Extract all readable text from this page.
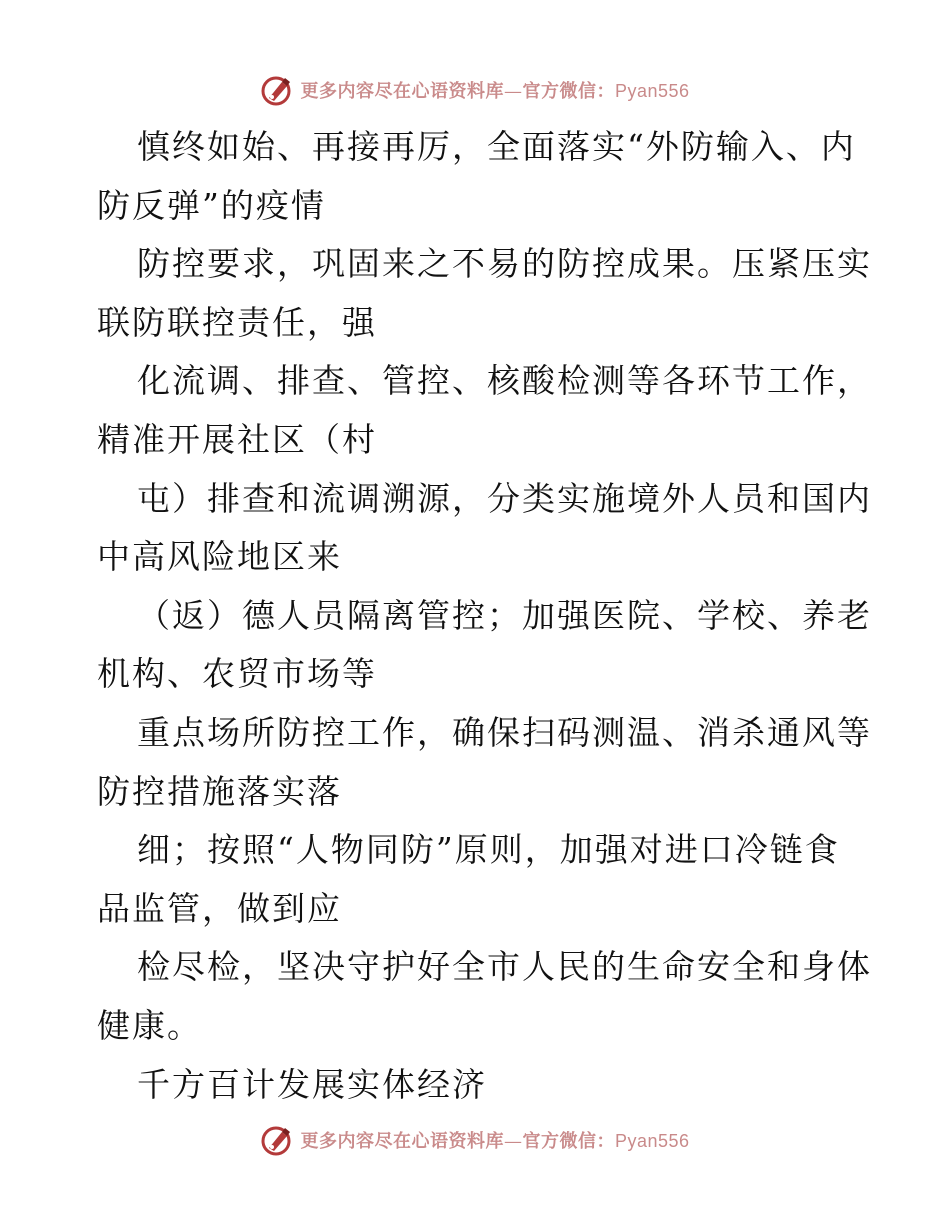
更多内容尽在心语资料库—官方微信：Pyan556
慎终如始、再接再厉，全面落实“外防输入、内
防反弹”的疫情
防控要求，巩固来之不易的防控成果。压紧压实
联防联控责任，强
化流调、排查、管控、核酸检测等各环节工作，
精准开展社区（村
屯）排查和流调溯源，分类实施境外人员和国内
中高风险地区来
（返）德人员隔离管控；加强医院、学校、养老
机构、农贸市场等
重点场所防控工作，确保扫码测温、消杀通风等
防控措施落实落
细；按照“人物同防”原则，加强对进口冷链食
品监管，做到应
检尽检，坚决守护好全市人民的生命安全和身体
健康。
千方百计发展实体经济
更多内容尽在心语资料库—官方微信：Pyan556
